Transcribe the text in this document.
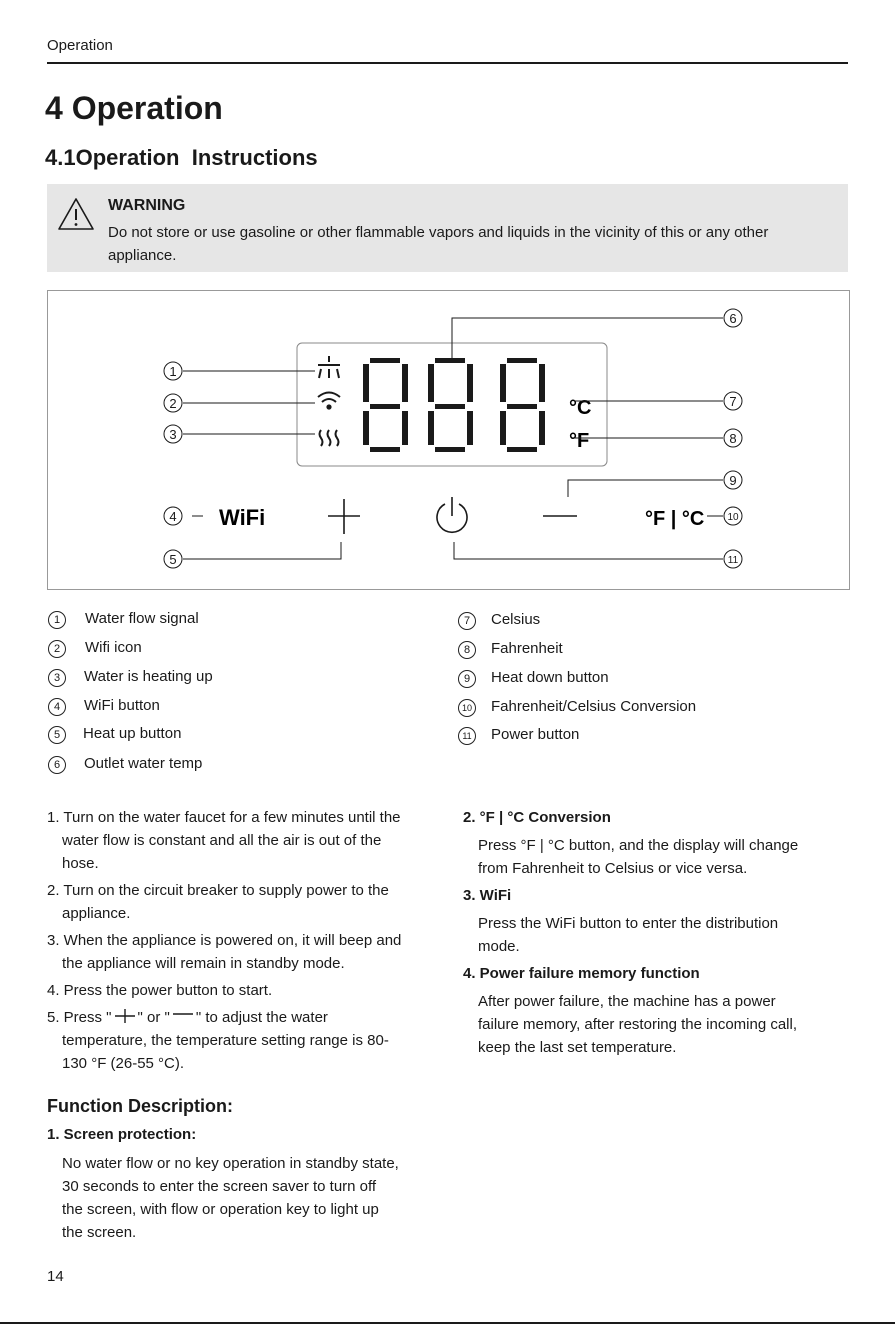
Operation
4 Operation
4.1Operation  Instructions
WARNING
Do not store or use gasoline or other flammable vapors and liquids in the vicinity of this or any other appliance.
°C
°F
WiFi	°F | °C
1
2
3
4
5
6
7
8
9
10
11
1	Water flow signal
2	Wifi icon
3	Water is heating up
4	WiFi button
5	Heat up button
6	Outlet water temp
7	Celsius
8	Fahrenheit
9	Heat down button
10 Fahrenheit/Celsius Conversion
11 Power button
1. Turn on the water faucet for a few minutes until the
water flow is constant and all the air is out of the
hose.
2. Turn on the circuit breaker to supply power to the
appliance.
3. When the appliance is powered on, it will beep and
the appliance will remain in standby mode.
4. Press the power button to start.
5. Press " " or " " to adjust the water
temperature, the temperature setting range is 80-
130 °F (26-55 °C).
2. °F | °C Conversion
Press °F | °C button, and the display will change
from Fahrenheit to Celsius or vice versa.
3. WiFi
Press the WiFi button to enter the distribution
mode.
4. Power failure memory function
After power failure, the machine has a power
failure memory, after restoring the incoming call,
keep the last set temperature.
Function Description:
1. Screen protection:
No water flow or no key operation in standby state,
30 seconds to enter the screen saver to turn off
the screen, with flow or operation key to light up
the screen.
14
